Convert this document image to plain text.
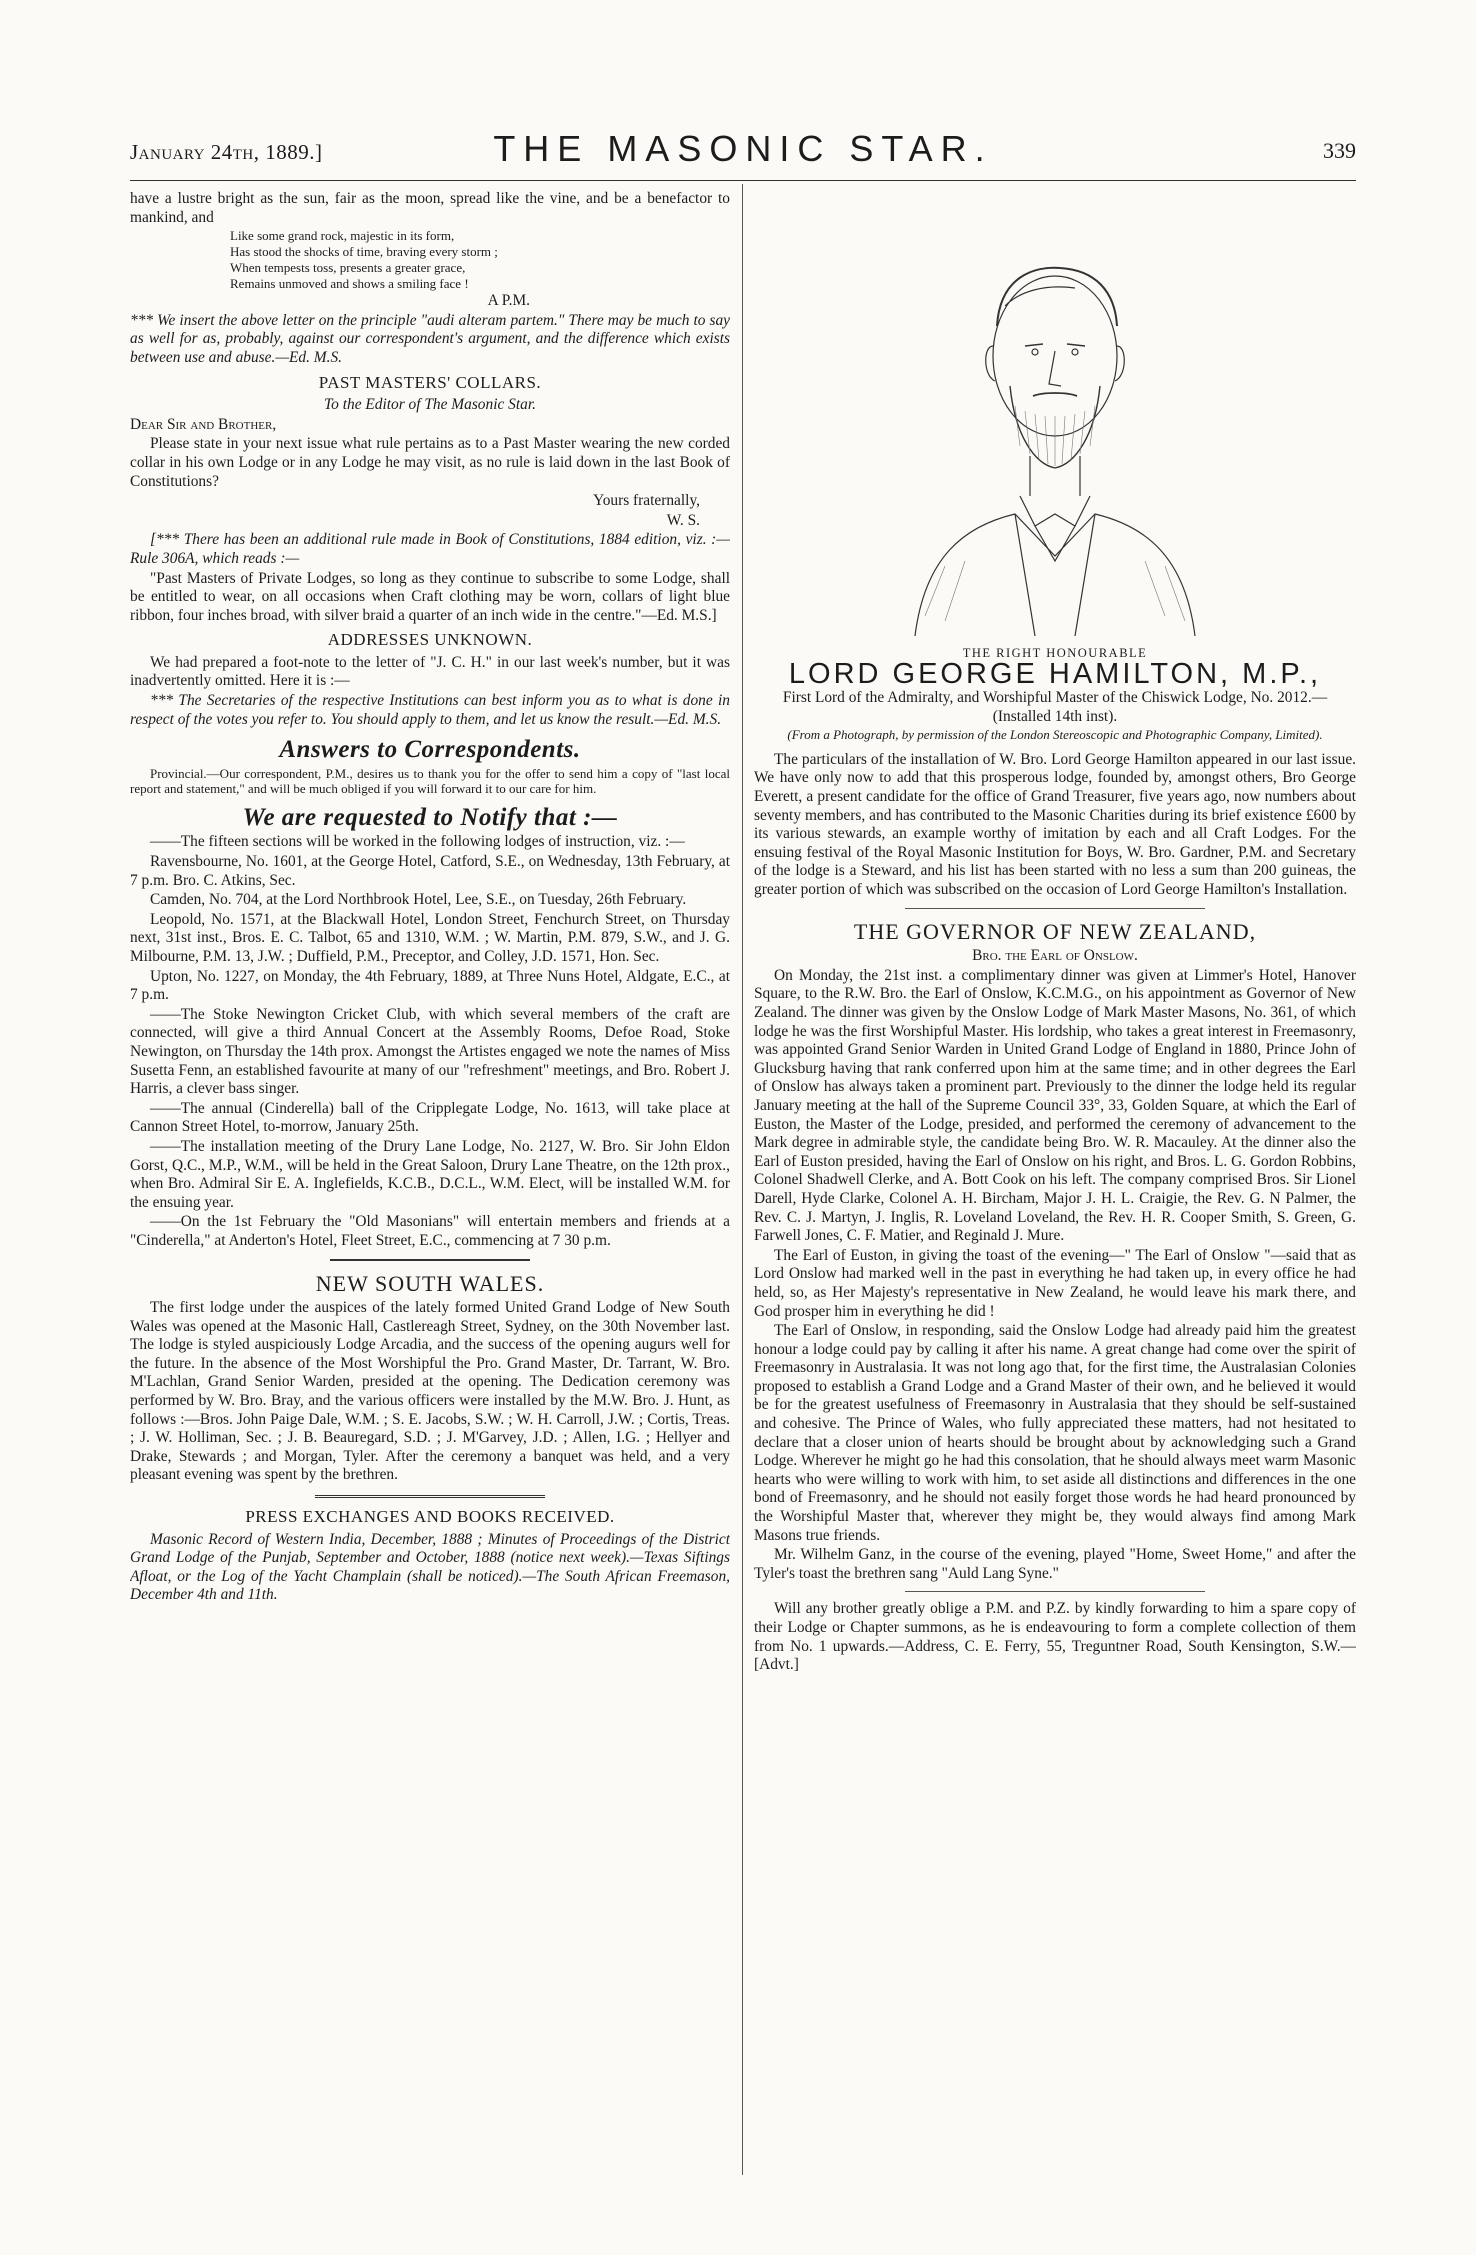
January 24th, 1889.]	THE MASONIC STAR.	339

have a lustre bright as the sun, fair as the moon, spread like the vine, and be a benefactor to mankind, and

Like some grand rock, majestic in its form,

Has stood the shocks of time, braving every storm ;

When tempests toss, presents a greater grace,

Remains unmoved and shows a smiling face !

A P.M.

*** We insert the above letter on the principle "audi alteram partem." There may be much to say as well for as, probably, against our correspondent's argument, and the difference which exists between use and abuse.—Ed. M.S.

PAST MASTERS' COLLARS.

To the Editor of The Masonic Star.

Dear Sir and Brother,

Please state in your next issue what rule pertains as to a Past Master wearing the new corded collar in his own Lodge or in any Lodge he may visit, as no rule is laid down in the last Book of Constitutions?

Yours fraternally,

W. S.

[*** There has been an additional rule made in Book of Constitutions, 1884 edition, viz. :—Rule 306A, which reads :—

"Past Masters of Private Lodges, so long as they continue to subscribe to some Lodge, shall be entitled to wear, on all occasions when Craft clothing may be worn, collars of light blue ribbon, four inches broad, with silver braid a quarter of an inch wide in the centre."—Ed. M.S.]

ADDRESSES UNKNOWN.

We had prepared a foot-note to the letter of "J. C. H." in our last week's number, but it was inadvertently omitted. Here it is :—

*** The Secretaries of the respective Institutions can best inform you as to what is done in respect of the votes you refer to. You should apply to them, and let us know the result.—Ed. M.S.

Answers to Correspondents.

Provincial.—Our correspondent, P.M., desires us to thank you for the offer to send him a copy of "last local report and statement," and will be much obliged if you will forward it to our care for him.

We are requested to Notify that :—

——The fifteen sections will be worked in the following lodges of instruction, viz. :—

Ravensbourne, No. 1601, at the George Hotel, Catford, S.E., on Wednesday, 13th February, at 7 p.m. Bro. C. Atkins, Sec.

Camden, No. 704, at the Lord Northbrook Hotel, Lee, S.E., on Tuesday, 26th February.

Leopold, No. 1571, at the Blackwall Hotel, London Street, Fenchurch Street, on Thursday next, 31st inst., Bros. E. C. Talbot, 65 and 1310, W.M. ; W. Martin, P.M. 879, S.W., and J. G. Milbourne, P.M. 13, J.W. ; Duffield, P.M., Preceptor, and Colley, J.D. 1571, Hon. Sec.

Upton, No. 1227, on Monday, the 4th February, 1889, at Three Nuns Hotel, Aldgate, E.C., at 7 p.m.

——The Stoke Newington Cricket Club, with which several members of the craft are connected, will give a third Annual Concert at the Assembly Rooms, Defoe Road, Stoke Newington, on Thursday the 14th prox. Amongst the Artistes engaged we note the names of Miss Susetta Fenn, an established favourite at many of our "refreshment" meetings, and Bro. Robert J. Harris, a clever bass singer.

——The annual (Cinderella) ball of the Cripplegate Lodge, No. 1613, will take place at Cannon Street Hotel, to-morrow, January 25th.

——The installation meeting of the Drury Lane Lodge, No. 2127, W. Bro. Sir John Eldon Gorst, Q.C., M.P., W.M., will be held in the Great Saloon, Drury Lane Theatre, on the 12th prox., when Bro. Admiral Sir E. A. Inglefields, K.C.B., D.C.L., W.M. Elect, will be installed W.M. for the ensuing year.

——On the 1st February the "Old Masonians" will entertain members and friends at a "Cinderella," at Anderton's Hotel, Fleet Street, E.C., commencing at 7 30 p.m.

NEW SOUTH WALES.

The first lodge under the auspices of the lately formed United Grand Lodge of New South Wales was opened at the Masonic Hall, Castlereagh Street, Sydney, on the 30th November last. The lodge is styled auspiciously Lodge Arcadia, and the success of the opening augurs well for the future. In the absence of the Most Worshipful the Pro. Grand Master, Dr. Tarrant, W. Bro. M'Lachlan, Grand Senior Warden, presided at the opening. The Dedication ceremony was performed by W. Bro. Bray, and the various officers were installed by the M.W. Bro. J. Hunt, as follows :—Bros. John Paige Dale, W.M. ; S. E. Jacobs, S.W. ; W. H. Carroll, J.W. ; Cortis, Treas. ; J. W. Holliman, Sec. ; J. B. Beauregard, S.D. ; J. M'Garvey, J.D. ; Allen, I.G. ; Hellyer and Drake, Stewards ; and Morgan, Tyler. After the ceremony a banquet was held, and a very pleasant evening was spent by the brethren.

PRESS EXCHANGES AND BOOKS RECEIVED.

Masonic Record of Western India, December, 1888 ; Minutes of Proceedings of the District Grand Lodge of the Punjab, September and October, 1888 (notice next week).—Texas Siftings Afloat, or the Log of the Yacht Champlain (shall be noticed).—The South African Freemason, December 4th and 11th.

THE RIGHT HONOURABLE
LORD GEORGE HAMILTON, M.P.,

First Lord of the Admiralty, and Worshipful Master of the Chiswick Lodge, No. 2012.—(Installed 14th inst).

(From a Photograph, by permission of the London Stereoscopic and Photographic Company, Limited).

The particulars of the installation of W. Bro. Lord George Hamilton appeared in our last issue. We have only now to add that this prosperous lodge, founded by, amongst others, Bro George Everett, a present candidate for the office of Grand Treasurer, five years ago, now numbers about seventy members, and has contributed to the Masonic Charities during its brief existence £600 by its various stewards, an example worthy of imitation by each and all Craft Lodges. For the ensuing festival of the Royal Masonic Institution for Boys, W. Bro. Gardner, P.M. and Secretary of the lodge is a Steward, and his list has been started with no less a sum than 200 guineas, the greater portion of which was subscribed on the occasion of Lord George Hamilton's Installation.

THE GOVERNOR OF NEW ZEALAND,

Bro. the Earl of Onslow.

On Monday, the 21st inst. a complimentary dinner was given at Limmer's Hotel, Hanover Square, to the R.W. Bro. the Earl of Onslow, K.C.M.G., on his appointment as Governor of New Zealand. The dinner was given by the Onslow Lodge of Mark Master Masons, No. 361, of which lodge he was the first Worshipful Master. His lordship, who takes a great interest in Freemasonry, was appointed Grand Senior Warden in United Grand Lodge of England in 1880, Prince John of Glucksburg having that rank conferred upon him at the same time; and in other degrees the Earl of Onslow has always taken a prominent part. Previously to the dinner the lodge held its regular January meeting at the hall of the Supreme Council 33°, 33, Golden Square, at which the Earl of Euston, the Master of the Lodge, presided, and performed the ceremony of advancement to the Mark degree in admirable style, the candidate being Bro. W. R. Macauley. At the dinner also the Earl of Euston presided, having the Earl of Onslow on his right, and Bros. L. G. Gordon Robbins, Colonel Shadwell Clerke, and A. Bott Cook on his left. The company comprised Bros. Sir Lionel Darell, Hyde Clarke, Colonel A. H. Bircham, Major J. H. L. Craigie, the Rev. G. N Palmer, the Rev. C. J. Martyn, J. Inglis, R. Loveland Loveland, the Rev. H. R. Cooper Smith, S. Green, G. Farwell Jones, C. F. Matier, and Reginald J. Mure.

The Earl of Euston, in giving the toast of the evening—" The Earl of Onslow "—said that as Lord Onslow had marked well in the past in everything he had taken up, in every office he had held, so, as Her Majesty's representative in New Zealand, he would leave his mark there, and God prosper him in everything he did !

The Earl of Onslow, in responding, said the Onslow Lodge had already paid him the greatest honour a lodge could pay by calling it after his name. A great change had come over the spirit of Freemasonry in Australasia. It was not long ago that, for the first time, the Australasian Colonies proposed to establish a Grand Lodge and a Grand Master of their own, and he believed it would be for the greatest usefulness of Freemasonry in Australasia that they should be self-sustained and cohesive. The Prince of Wales, who fully appreciated these matters, had not hesitated to declare that a closer union of hearts should be brought about by acknowledging such a Grand Lodge. Wherever he might go he had this consolation, that he should always meet warm Masonic hearts who were willing to work with him, to set aside all distinctions and differences in the one bond of Freemasonry, and he should not easily forget those words he had heard pronounced by the Worshipful Master that, wherever they might be, they would always find among Mark Masons true friends.

Mr. Wilhelm Ganz, in the course of the evening, played "Home, Sweet Home," and after the Tyler's toast the brethren sang "Auld Lang Syne."

Will any brother greatly oblige a P.M. and P.Z. by kindly forwarding to him a spare copy of their Lodge or Chapter summons, as he is endeavouring to form a complete collection of them from No. 1 upwards.—Address, C. E. Ferry, 55, Treguntner Road, South Kensington, S.W.—[Advt.]
